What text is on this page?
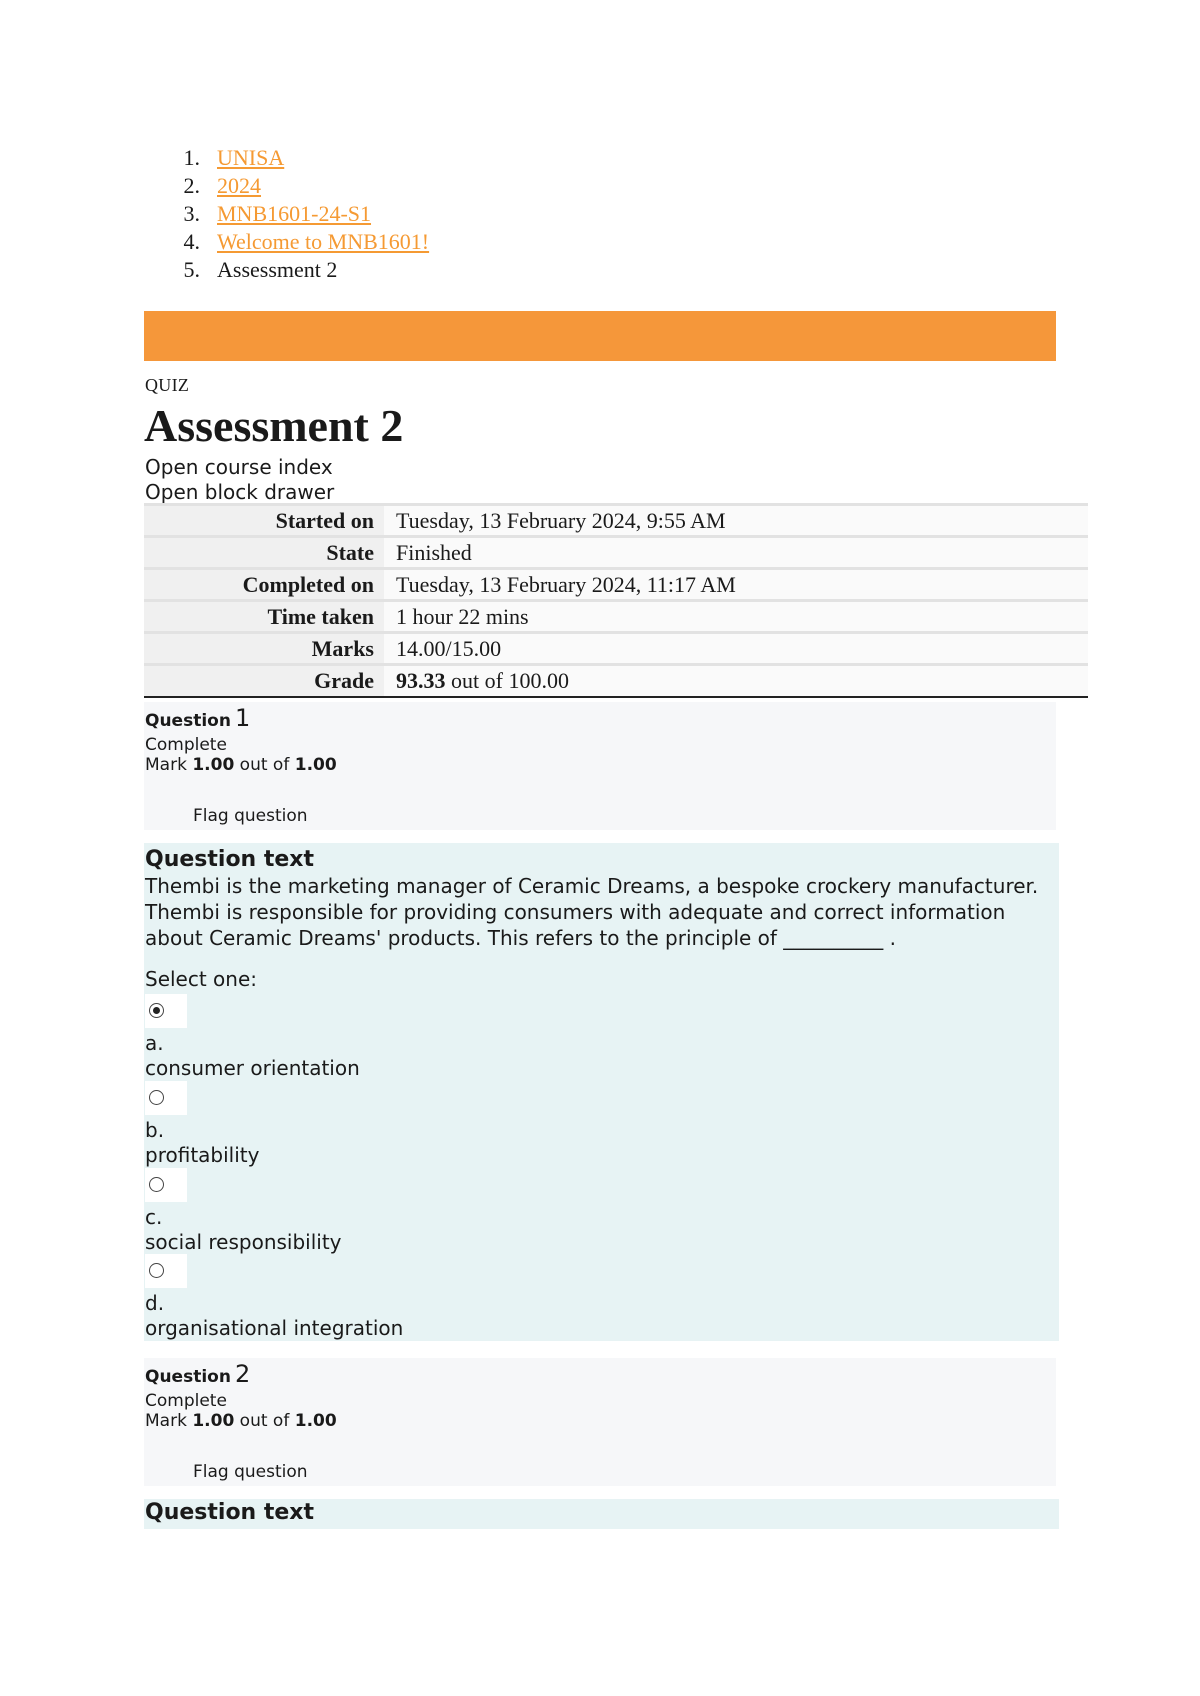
1. UNISA
2. 2024
3. MNB1601-24-S1
4. Welcome to MNB1601!
5. Assessment 2
QUIZ
Assessment 2
Open course index
Open block drawer
Started on	Tuesday, 13 February 2024, 9:55 AM
State	Finished
Completed on	Tuesday, 13 February 2024, 11:17 AM
Time taken	1 hour 22 mins
Marks	14.00/15.00
Grade	93.33 out of 100.00
Question 1
Complete
Mark 1.00 out of 1.00
Flag question
Question text

Thembi is the marketing manager of Ceramic Dreams, a bespoke crockery manufacturer. Thembi is responsible for providing consumers with adequate and correct information about Ceramic Dreams' products. This refers to the principle of __________ .

Select one:
a.
consumer orientation
b.
profitability
c.
social responsibility
d.
organisational integration
Question 2
Complete
Mark 1.00 out of 1.00
Flag question
Question text
